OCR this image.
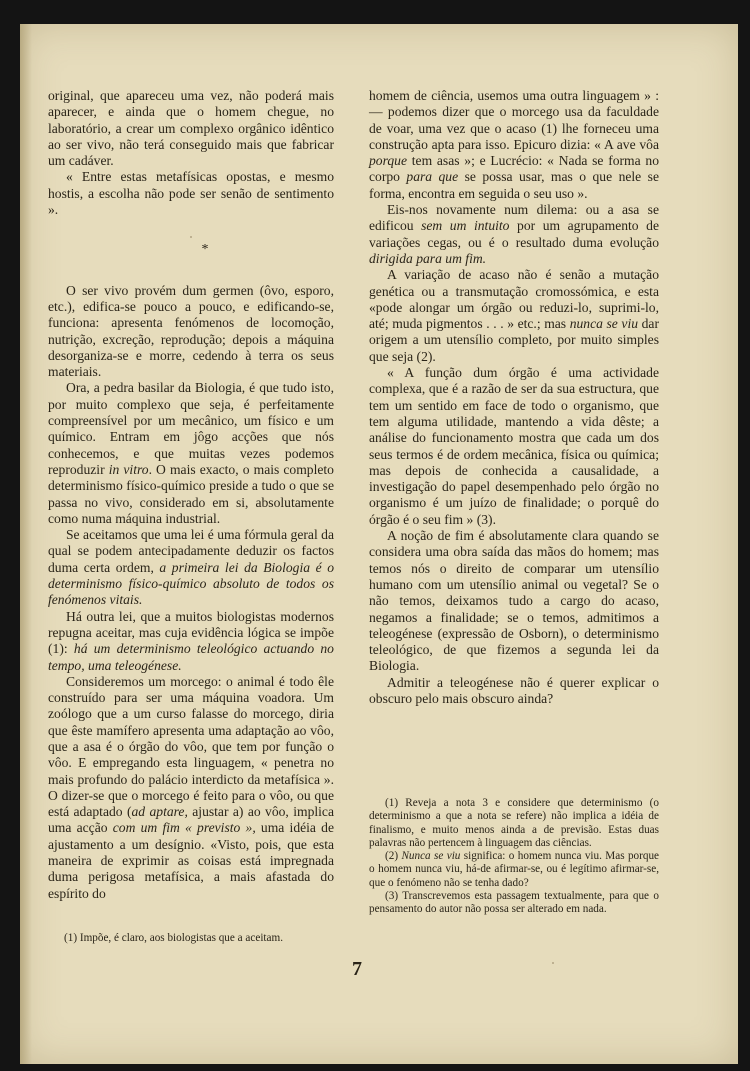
original, que apareceu uma vez, não poderá mais aparecer, e ainda que o homem chegue, no laboratório, a crear um complexo orgânico idêntico ao ser vivo, não terá conseguido mais que fabricar um cadáver.

« Entre estas metafísicas opostas, e mesmo hostis, a escolha não pode ser senão de sentimento ».

*

O ser vivo provém dum germen (ôvo, esporo, etc.), edifica-se pouco a pouco, e edificando-se, funciona: apresenta fenómenos de locomoção, nutrição, excreção, reprodução; depois a máquina desorganiza-se e morre, cedendo à terra os seus materiais.

Ora, a pedra basilar da Biologia, é que tudo isto, por muito complexo que seja, é perfeitamente compreensível por um mecânico, um físico e um químico. Entram em jôgo acções que nós conhecemos, e que muitas vezes podemos reproduzir in vitro. O mais exacto, o mais completo determinismo físico-químico preside a tudo o que se passa no vivo, considerado em si, absolutamente como numa máquina industrial.

Se aceitamos que uma lei é uma fórmula geral da qual se podem antecipadamente deduzir os factos duma certa ordem, a primeira lei da Biologia é o determinismo físico-químico absoluto de todos os fenómenos vitais.

Há outra lei, que a muitos biologistas modernos repugna aceitar, mas cuja evidência lógica se impõe (1): há um determinismo teleológico actuando no tempo, uma teleogénese.

Consideremos um morcego: o animal é todo êle construído para ser uma máquina voadora. Um zoólogo que a um curso falasse do morcego, diria que êste mamífero apresenta uma adaptação ao vôo, que a asa é o órgão do vôo, que tem por função o vôo. E empregando esta linguagem, « penetra no mais profundo do palácio interdicto da metafísica ». O dizer-se que o morcego é feito para o vôo, ou que está adaptado (ad aptare, ajustar a) ao vôo, implica uma acção com um fim « previsto », uma idéia de ajustamento a um desígnio. «Visto, pois, que esta maneira de exprimir as coisas está impregnada duma perigosa metafísica, a mais afastada do espírito do

(1) Impõe, é claro, aos biologistas que a aceitam.

homem de ciência, usemos uma outra linguagem » : — podemos dizer que o morcego usa da faculdade de voar, uma vez que o acaso (1) lhe forneceu uma construção apta para isso. Epicuro dizia: « A ave vôa porque tem asas »; e Lucrécio: « Nada se forma no corpo para que se possa usar, mas o que nele se forma, encontra em seguida o seu uso ».

Eis-nos novamente num dilema: ou a asa se edificou sem um intuito por um agrupamento de variações cegas, ou é o resultado duma evolução dirigida para um fim.

A variação de acaso não é senão a mutação genética ou a transmutação cromossómica, e esta «pode alongar um órgão ou reduzi-lo, suprimi-lo, até; muda pigmentos . . . » etc.; mas nunca se viu dar origem a um utensílio completo, por muito simples que seja (2).

« A função dum órgão é uma actividade complexa, que é a razão de ser da sua estructura, que tem um sentido em face de todo o organismo, que tem alguma utilidade, mantendo a vida dêste; a análise do funcionamento mostra que cada um dos seus termos é de ordem mecânica, física ou química; mas depois de conhecida a causalidade, a investigação do papel desempenhado pelo órgão no organismo é um juízo de finalidade; o porquê do órgão é o seu fim » (3).

A noção de fim é absolutamente clara quando se considera uma obra saída das mãos do homem; mas temos nós o direito de comparar um utensílio humano com um utensílio animal ou vegetal? Se o não temos, deixamos tudo a cargo do acaso, negamos a finalidade; se o temos, admitimos a teleogénese (expressão de Osborn), o determinismo teleológico, de que fizemos a segunda lei da Biologia.

Admitir a teleogénese não é querer explicar o obscuro pelo mais obscuro ainda?

(1) Reveja a nota 3 e considere que determinismo (o determinismo a que a nota se refere) não implica a idéia de finalismo, e muito menos ainda a de previsão. Estas duas palavras não pertencem à linguagem das ciências.

(2) Nunca se viu significa: o homem nunca viu. Mas porque o homem nunca viu, há-de afirmar-se, ou é legítimo afirmar-se, que o fenómeno não se tenha dado?

(3) Transcrevemos esta passagem textualmente, para que o pensamento do autor não possa ser alterado em nada.

7
